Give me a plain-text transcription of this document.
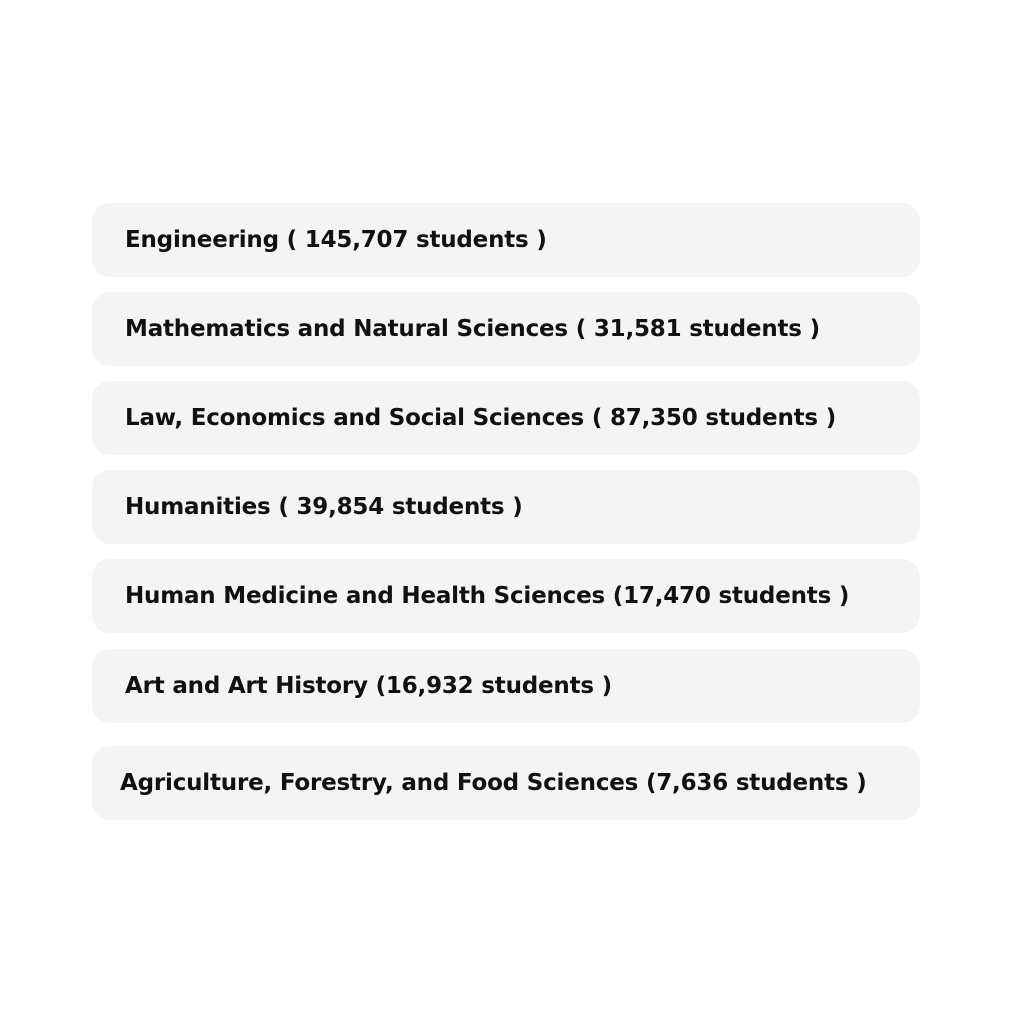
Engineering ( 145,707 students )
Mathematics and Natural Sciences ( 31,581 students )
Law, Economics and Social Sciences ( 87,350 students )
Humanities ( 39,854 students )
Human Medicine and Health Sciences (17,470 students )
Art and Art History (16,932 students )
Agriculture, Forestry, and Food Sciences (7,636 students )
